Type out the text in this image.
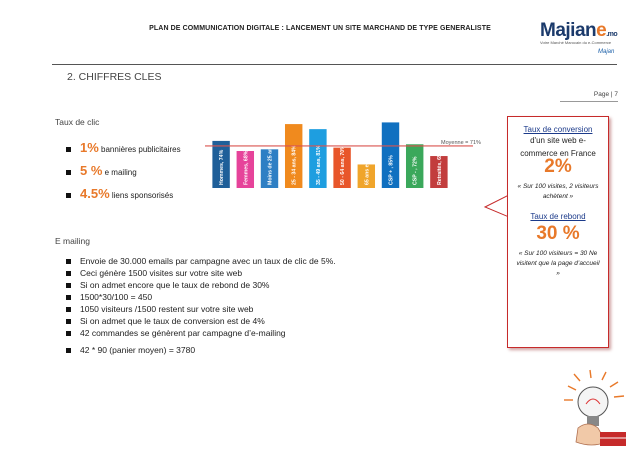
PLAN DE COMMUNICATION DIGITALE : LANCEMENT UN SITE MARCHAND DE TYPE GENERALISTE	Majiane.mo
Votre Marché Marocain du e-Commerce
Majan
2. CHIFFRES CLES
Page | 7
Taux de clic
1% bannières publicitaires
5 % e mailing
4.5% liens sponsorisés
Hommes, 74%	Femmes, 68%	Moins de 25 ans, 69%	25 - 34 ans, 84%	35 - 49 ans, 81%	50 - 64 ans, 70%	65 ans et plus, 60%	CSP + , 85%	CSP - , 72%	Retraités, 65%
Moyenne = 71%
E mailing
Envoie de 30.000 emails par campagne avec un taux de clic de 5%.
Ceci génère 1500 visites sur votre site web
Si on admet encore que le taux de rebond de 30%
1500*30/100 = 450
1050 visiteurs /1500 restent sur votre site web
Si on admet que le taux de conversion est de 4%
42 commandes se génèrent par campagne d’e-mailing
42 * 90 (panier moyen) = 3780
Taux de conversion
d'un site web e-commerce en France 2%
« Sur 100 visites, 2 visiteurs achètent »
Taux de rebond
30 %
« Sur 100 visiteurs = 30 Ne visitent que la page d’accueil »
